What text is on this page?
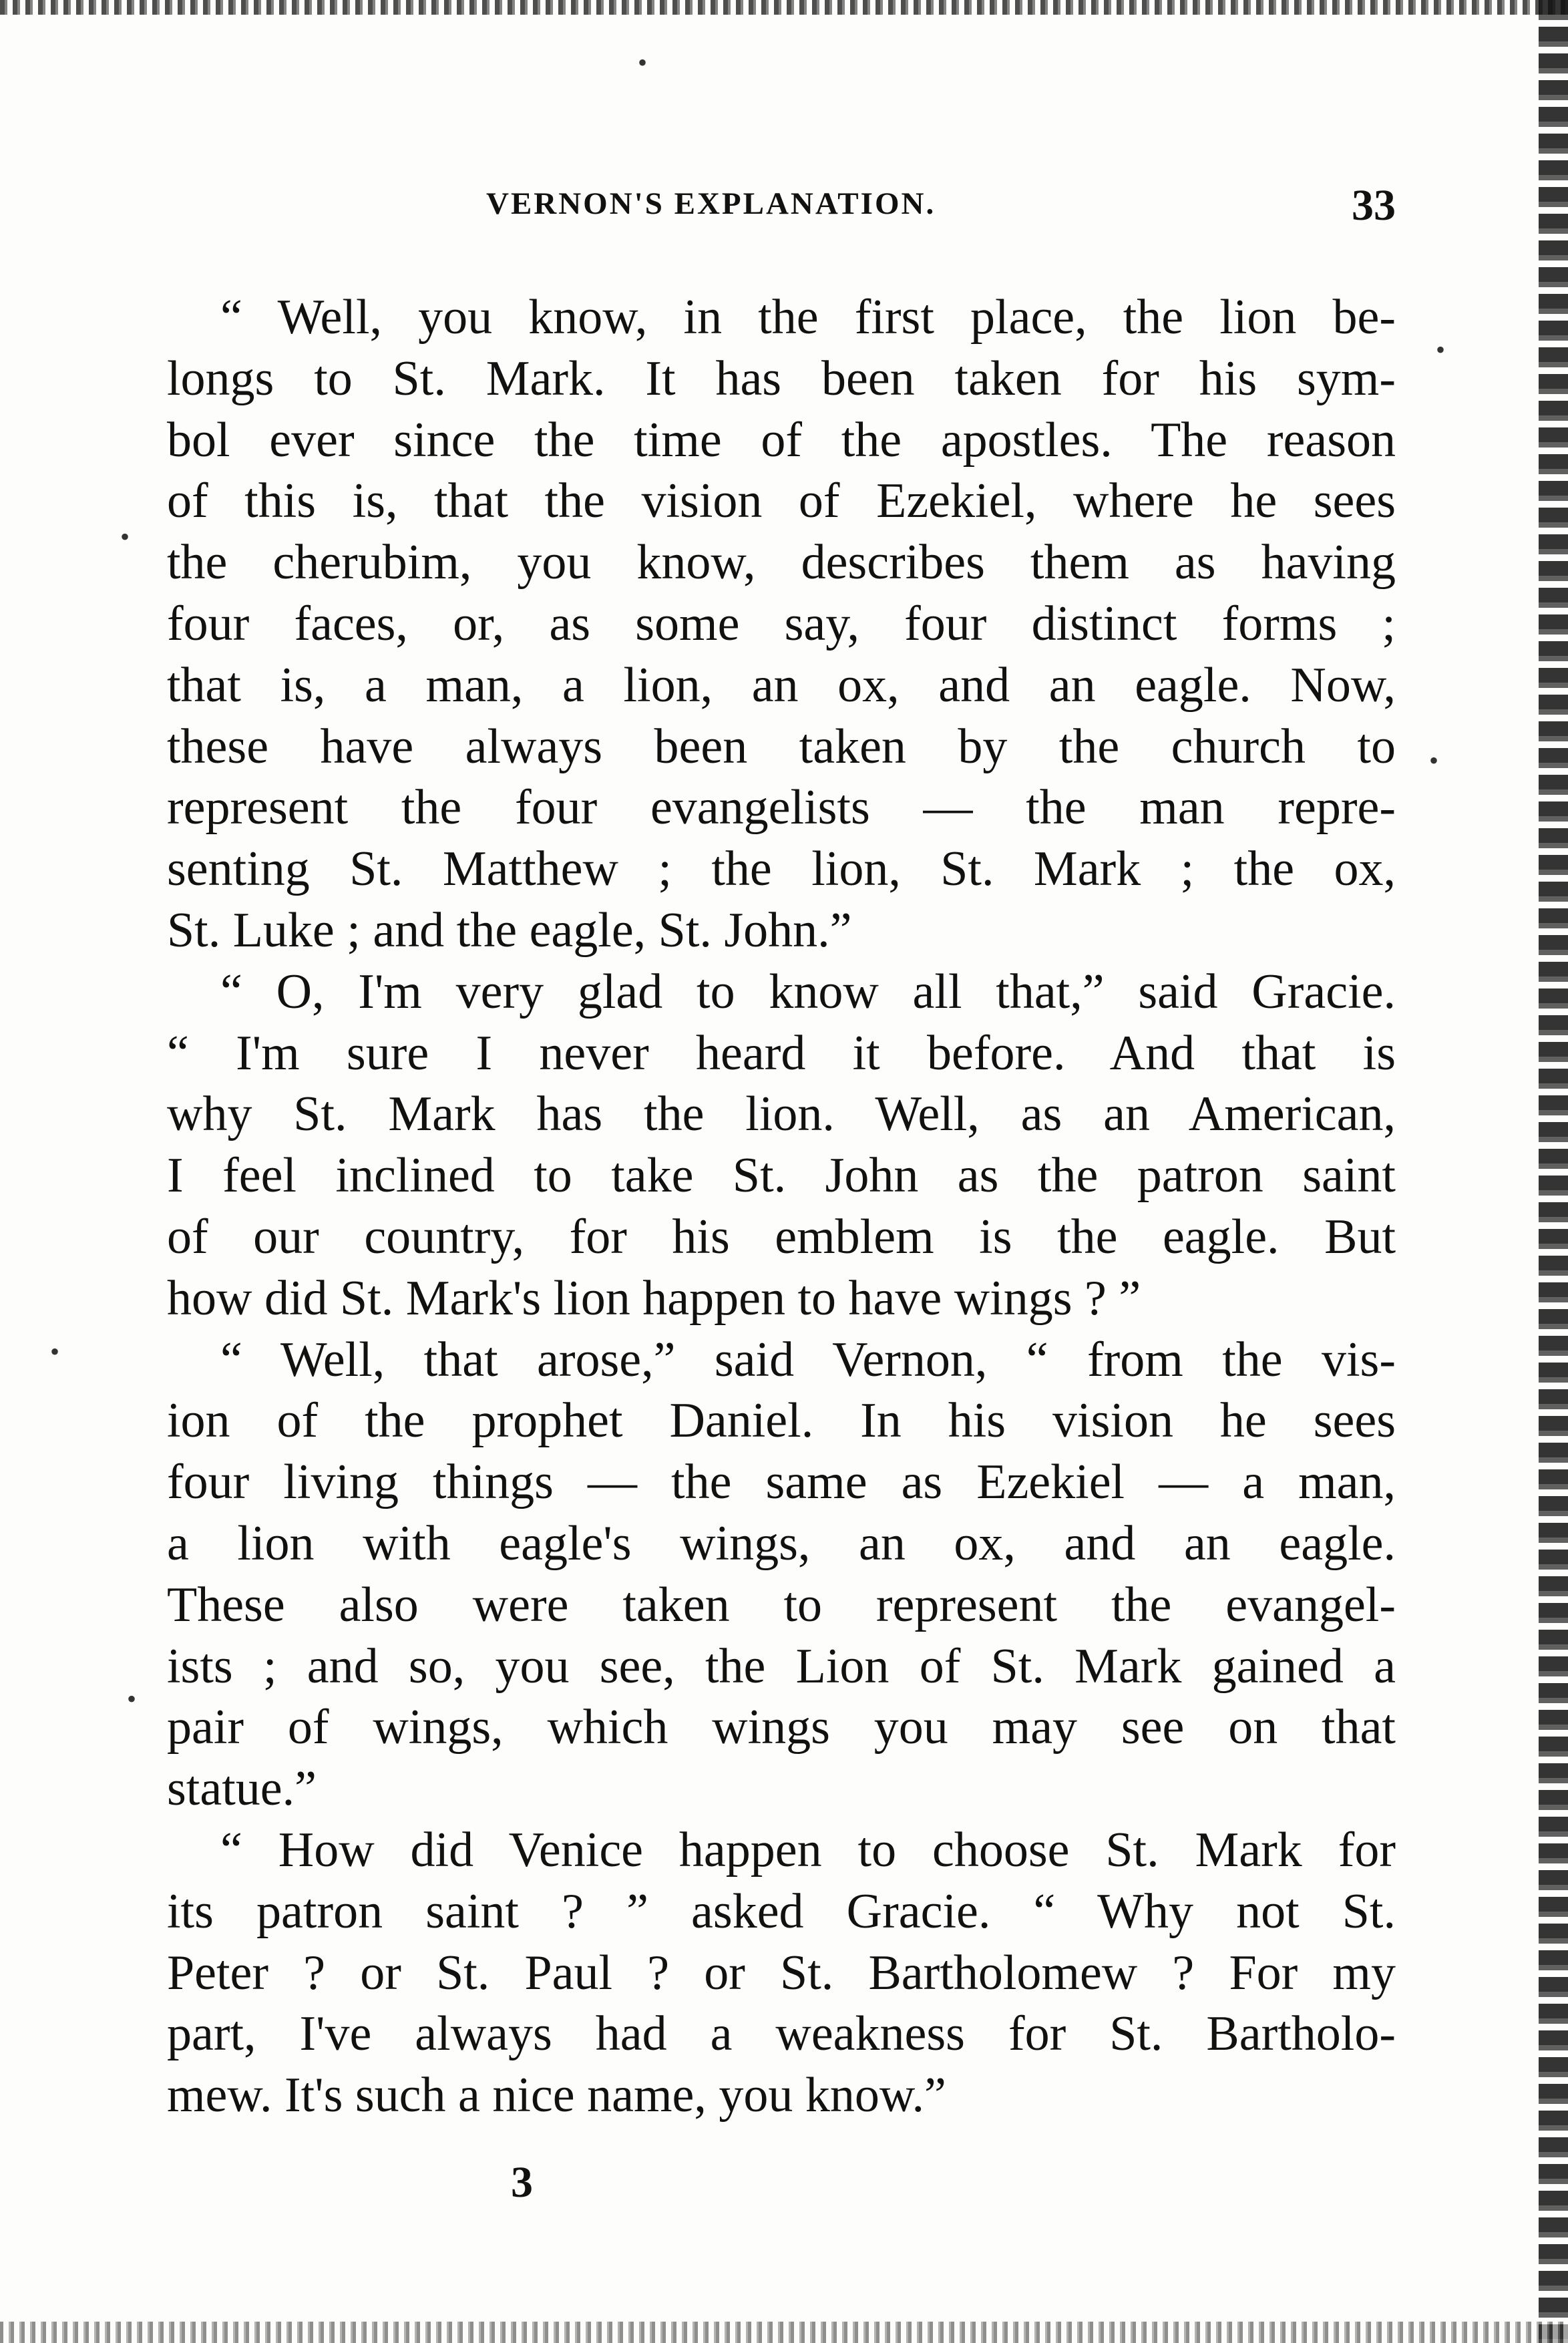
VERNON'S EXPLANATION.	33
“ Well, you know, in the first place, the lion be-
longs to St. Mark. It has been taken for his sym-
bol ever since the time of the apostles. The reason
of this is, that the vision of Ezekiel, where he sees
the cherubim, you know, describes them as having
four faces, or, as some say, four distinct forms ;
that is, a man, a lion, an ox, and an eagle. Now,
these have always been taken by the church to
represent the four evangelists — the man repre-
senting St. Matthew ; the lion, St. Mark ; the ox,
St. Luke ; and the eagle, St. John.”
“ O, I'm very glad to know all that,” said Gracie.
“ I'm sure I never heard it before. And that is
why St. Mark has the lion. Well, as an American,
I feel inclined to take St. John as the patron saint
of our country, for his emblem is the eagle. But
how did St. Mark's lion happen to have wings ? ”
“ Well, that arose,” said Vernon, “ from the vis-
ion of the prophet Daniel. In his vision he sees
four living things — the same as Ezekiel — a man,
a lion with eagle's wings, an ox, and an eagle.
These also were taken to represent the evangel-
ists ; and so, you see, the Lion of St. Mark gained a
pair of wings, which wings you may see on that
statue.”
“ How did Venice happen to choose St. Mark for
its patron saint ? ” asked Gracie. “ Why not St.
Peter ? or St. Paul ? or St. Bartholomew ? For my
part, I've always had a weakness for St. Bartholo-
mew. It's such a nice name, you know.”
3
•
•
•
•
•
•
